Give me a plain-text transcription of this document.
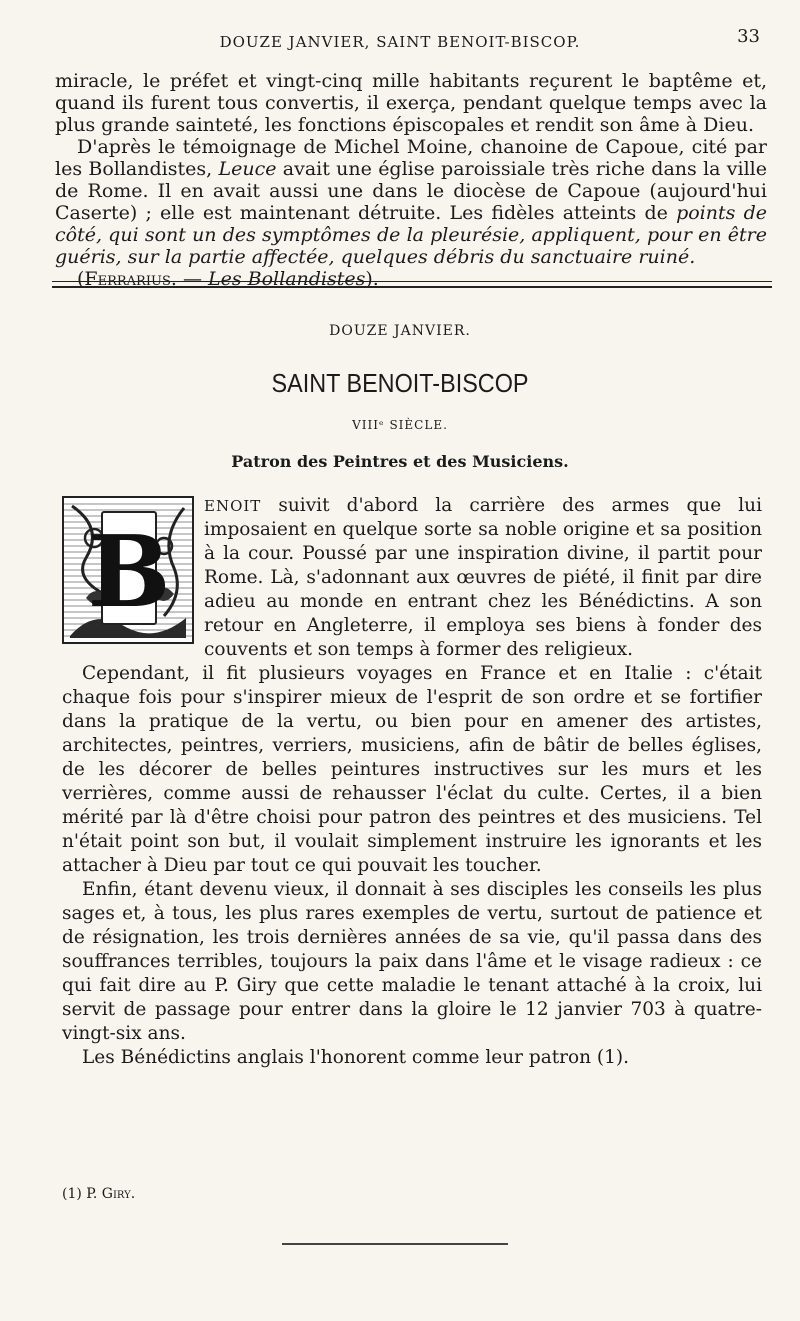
DOUZE JANVIER, SAINT BENOIT-BISCOP.	33

miracle, le préfet et vingt-cinq mille habitants reçurent le baptême et, quand ils furent tous convertis, il exerça, pendant quelque temps avec la plus grande sainteté, les fonctions épiscopales et rendit son âme à Dieu.

D'après le témoignage de Michel Moine, chanoine de Capoue, cité par les Bollandistes, Leuce avait une église paroissiale très riche dans la ville de Rome. Il en avait aussi une dans le diocèse de Capoue (aujourd'hui Caserte) ; elle est maintenant détruite. Les fidèles atteints de points de côté, qui sont un des symptômes de la pleurésie, appliquent, pour en être guéris, sur la partie affectée, quelques débris du sanctuaire ruiné.

(Ferrarius. — Les Bollandistes).

DOUZE JANVIER.
SAINT BENOIT-BISCOP
VIIIᵉ SIÈCLE.
Patron des Peintres et des Musiciens.
B

ENOIT suivit d'abord la carrière des armes que lui imposaient en quelque sorte sa noble origine et sa position à la cour. Poussé par une inspiration divine, il partit pour Rome. Là, s'adonnant aux œuvres de piété, il finit par dire adieu au monde en entrant chez les Bénédictins. A son retour en Angleterre, il employa ses biens à fonder des couvents et son temps à former des religieux.

Cependant, il fit plusieurs voyages en France et en Italie : c'était chaque fois pour s'inspirer mieux de l'esprit de son ordre et se fortifier dans la pratique de la vertu, ou bien pour en amener des artistes, architectes, peintres, verriers, musiciens, afin de bâtir de belles églises, de les décorer de belles peintures instructives sur les murs et les verrières, comme aussi de rehausser l'éclat du culte. Certes, il a bien mérité par là d'être choisi pour patron des peintres et des musiciens. Tel n'était point son but, il voulait simplement instruire les ignorants et les attacher à Dieu par tout ce qui pouvait les toucher.

Enfin, étant devenu vieux, il donnait à ses disciples les conseils les plus sages et, à tous, les plus rares exemples de vertu, surtout de patience et de résignation, les trois dernières années de sa vie, qu'il passa dans des souffrances terribles, toujours la paix dans l'âme et le visage radieux : ce qui fait dire au P. Giry que cette maladie le tenant attaché à la croix, lui servit de passage pour entrer dans la gloire le 12 janvier 703 à quatre-vingt-six ans.

Les Bénédictins anglais l'honorent comme leur patron (1).

(1) P. Giry.
